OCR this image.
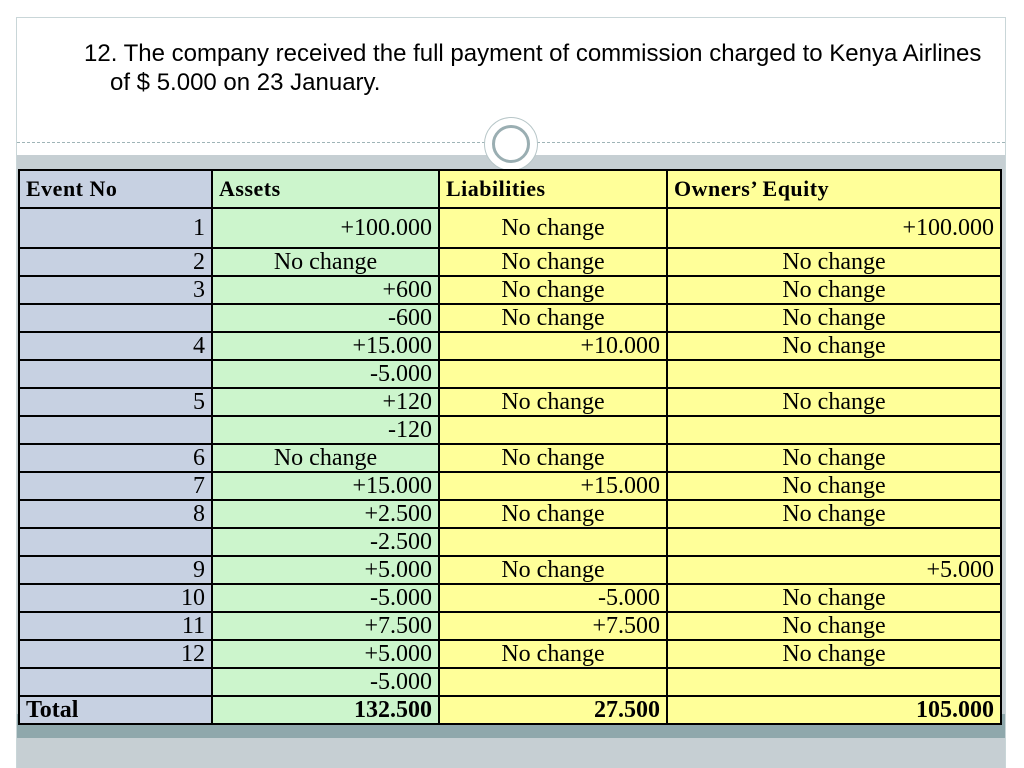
12. The company received the full payment of commission charged to Kenya Airlines of $ 5.000 on 23 January.

Event No	Assets	Liabilities	Owners’ Equity
1	+100.000	No change	+100.000
2	No change	No change	No change
3	+600	No change	No change
	-600	No change	No change
4	+15.000	+10.000	No change
	-5.000		
5	+120	No change	No change
	-120		
6	No change	No change	No change
7	+15.000	+15.000	No change
8	+2.500	No change	No change
	-2.500		
9	+5.000	No change	+5.000
10	-5.000	-5.000	No change
11	+7.500	+7.500	No change
12	+5.000	No change	No change
	-5.000		
Total	132.500	27.500	105.000
